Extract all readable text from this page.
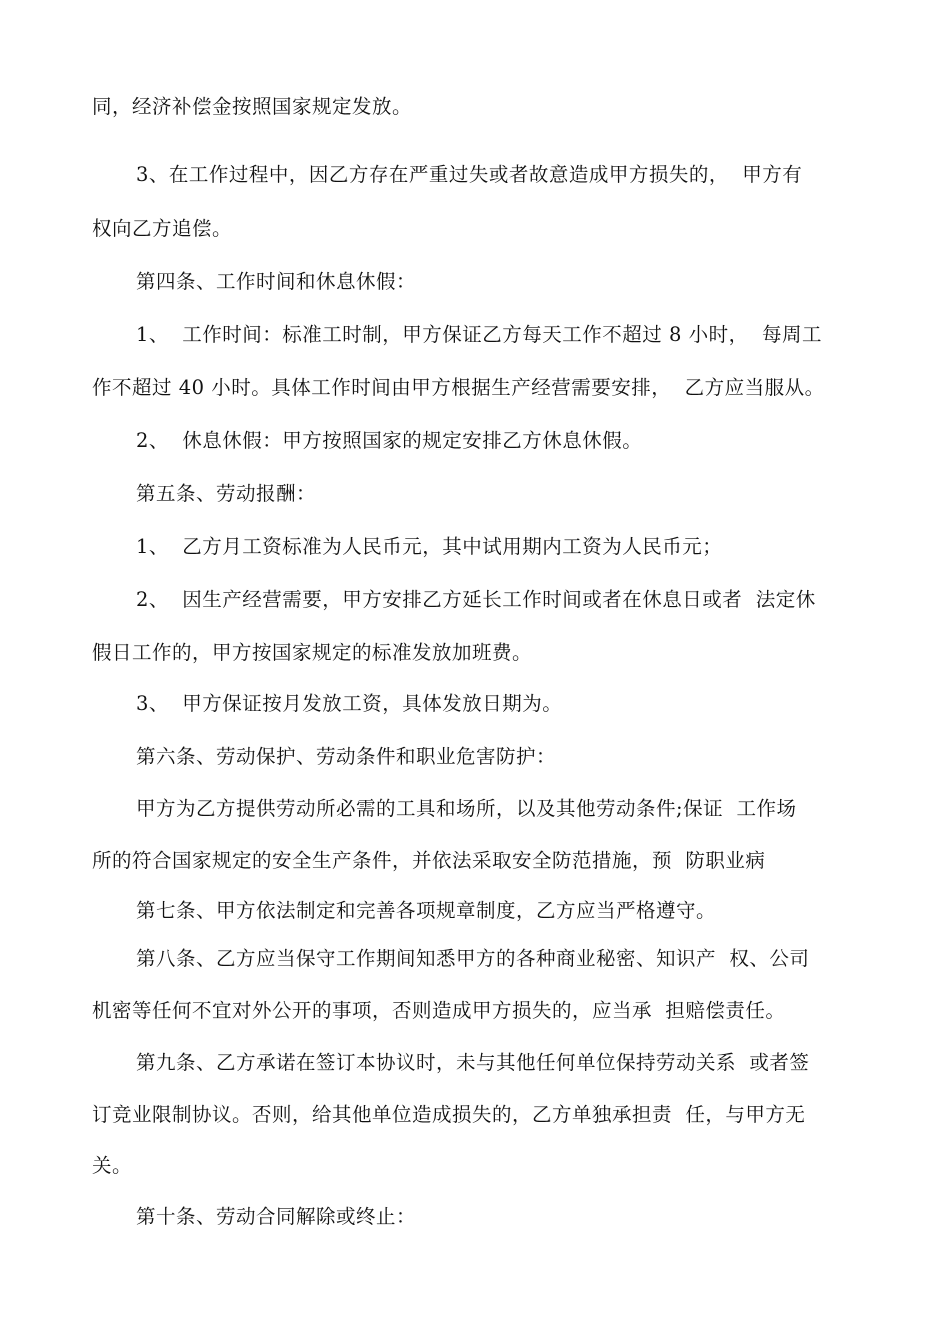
同，经济补偿金按照国家规定发放。
3、在工作过程中，因乙方存在严重过失或者故意造成甲方损失的，  甲方有
权向乙方追偿。
第四条、工作时间和休息休假：
1、  工作时间：标准工时制，甲方保证乙方每天工作不超过 8 小时，  每周工
作不超过 40 小时。具体工作时间由甲方根据生产经营需要安排，  乙方应当服从。
2、  休息休假：甲方按照国家的规定安排乙方休息休假。
第五条、劳动报酬：
1、  乙方月工资标准为人民币元，其中试用期内工资为人民币元；
2、  因生产经营需要，甲方安排乙方延长工作时间或者在休息日或者  法定休
假日工作的，甲方按国家规定的标准发放加班费。
3、  甲方保证按月发放工资，具体发放日期为。
第六条、劳动保护、劳动条件和职业危害防护：
甲方为乙方提供劳动所必需的工具和场所，以及其他劳动条件;保证  工作场
所的符合国家规定的安全生产条件，并依法采取安全防范措施，预  防职业病
第七条、甲方依法制定和完善各项规章制度，乙方应当严格遵守。
第八条、乙方应当保守工作期间知悉甲方的各种商业秘密、知识产  权、公司
机密等任何不宜对外公开的事项，否则造成甲方损失的，应当承  担赔偿责任。
第九条、乙方承诺在签订本协议时，未与其他任何单位保持劳动关系  或者签
订竞业限制协议。否则，给其他单位造成损失的，乙方单独承担责  任，与甲方无
关。
第十条、劳动合同解除或终止：
